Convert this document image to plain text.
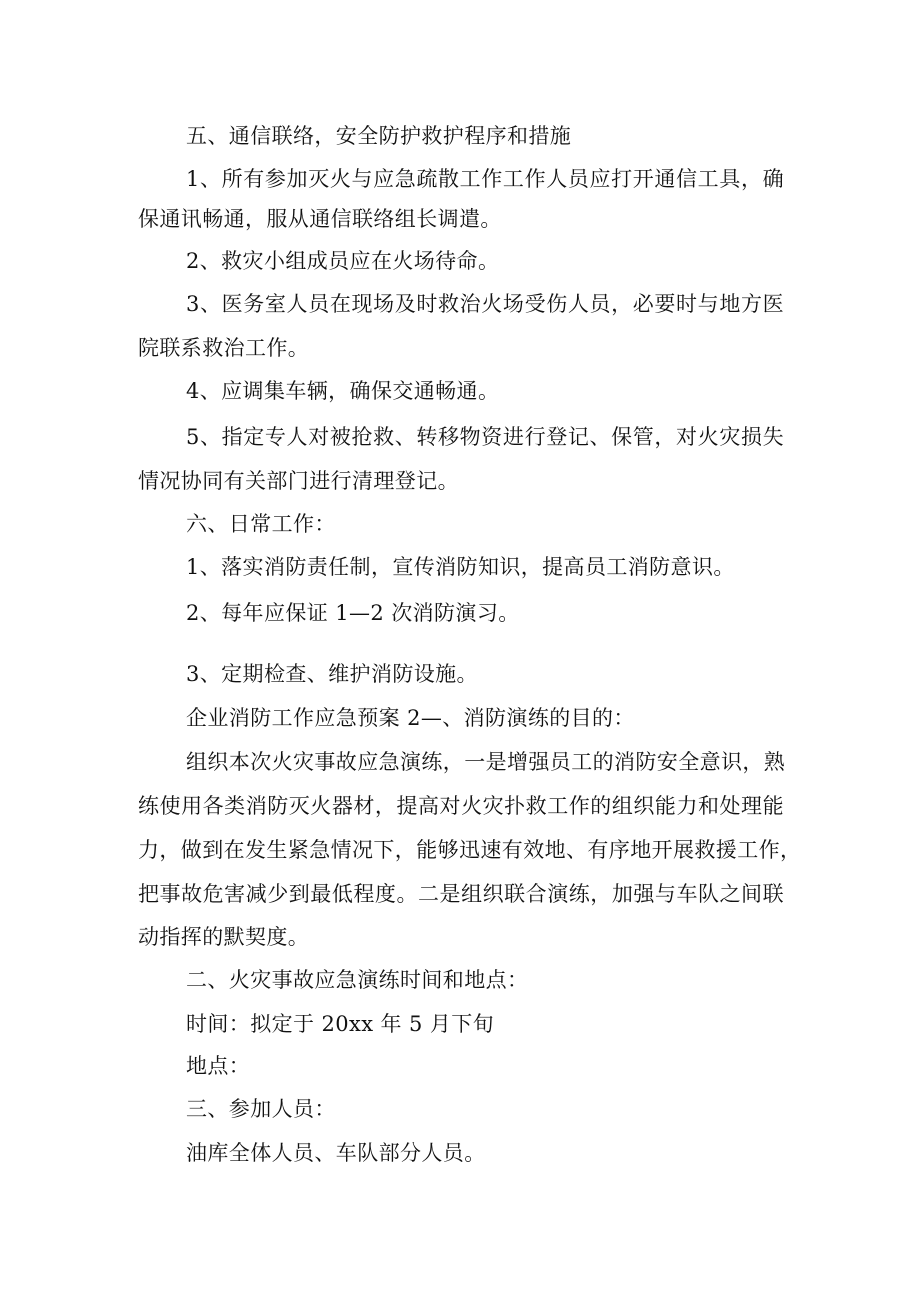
五、通信联络，安全防护救护程序和措施
1、所有参加灭火与应急疏散工作工作人员应打开通信工具，确
保通讯畅通，服从通信联络组长调遣。
2、救灾小组成员应在火场待命。
3、医务室人员在现场及时救治火场受伤人员，必要时与地方医
院联系救治工作。
4、应调集车辆，确保交通畅通。
5、指定专人对被抢救、转移物资进行登记、保管，对火灾损失
情况协同有关部门进行清理登记。
六、日常工作：
1、落实消防责任制，宣传消防知识，提高员工消防意识。
2、每年应保证 1—2 次消防演习。
3、定期检查、维护消防设施。
企业消防工作应急预案 2—、消防演练的目的：
组织本次火灾事故应急演练，一是增强员工的消防安全意识，熟
练使用各类消防灭火器材，提高对火灾扑救工作的组织能力和处理能
力，做到在发生紧急情况下，能够迅速有效地、有序地开展救援工作，
把事故危害减少到最低程度。二是组织联合演练，加强与车队之间联
动指挥的默契度。
二、火灾事故应急演练时间和地点：
时间：拟定于 20xx 年 5 月下旬
地点：
三、参加人员：
油库全体人员、车队部分人员。
